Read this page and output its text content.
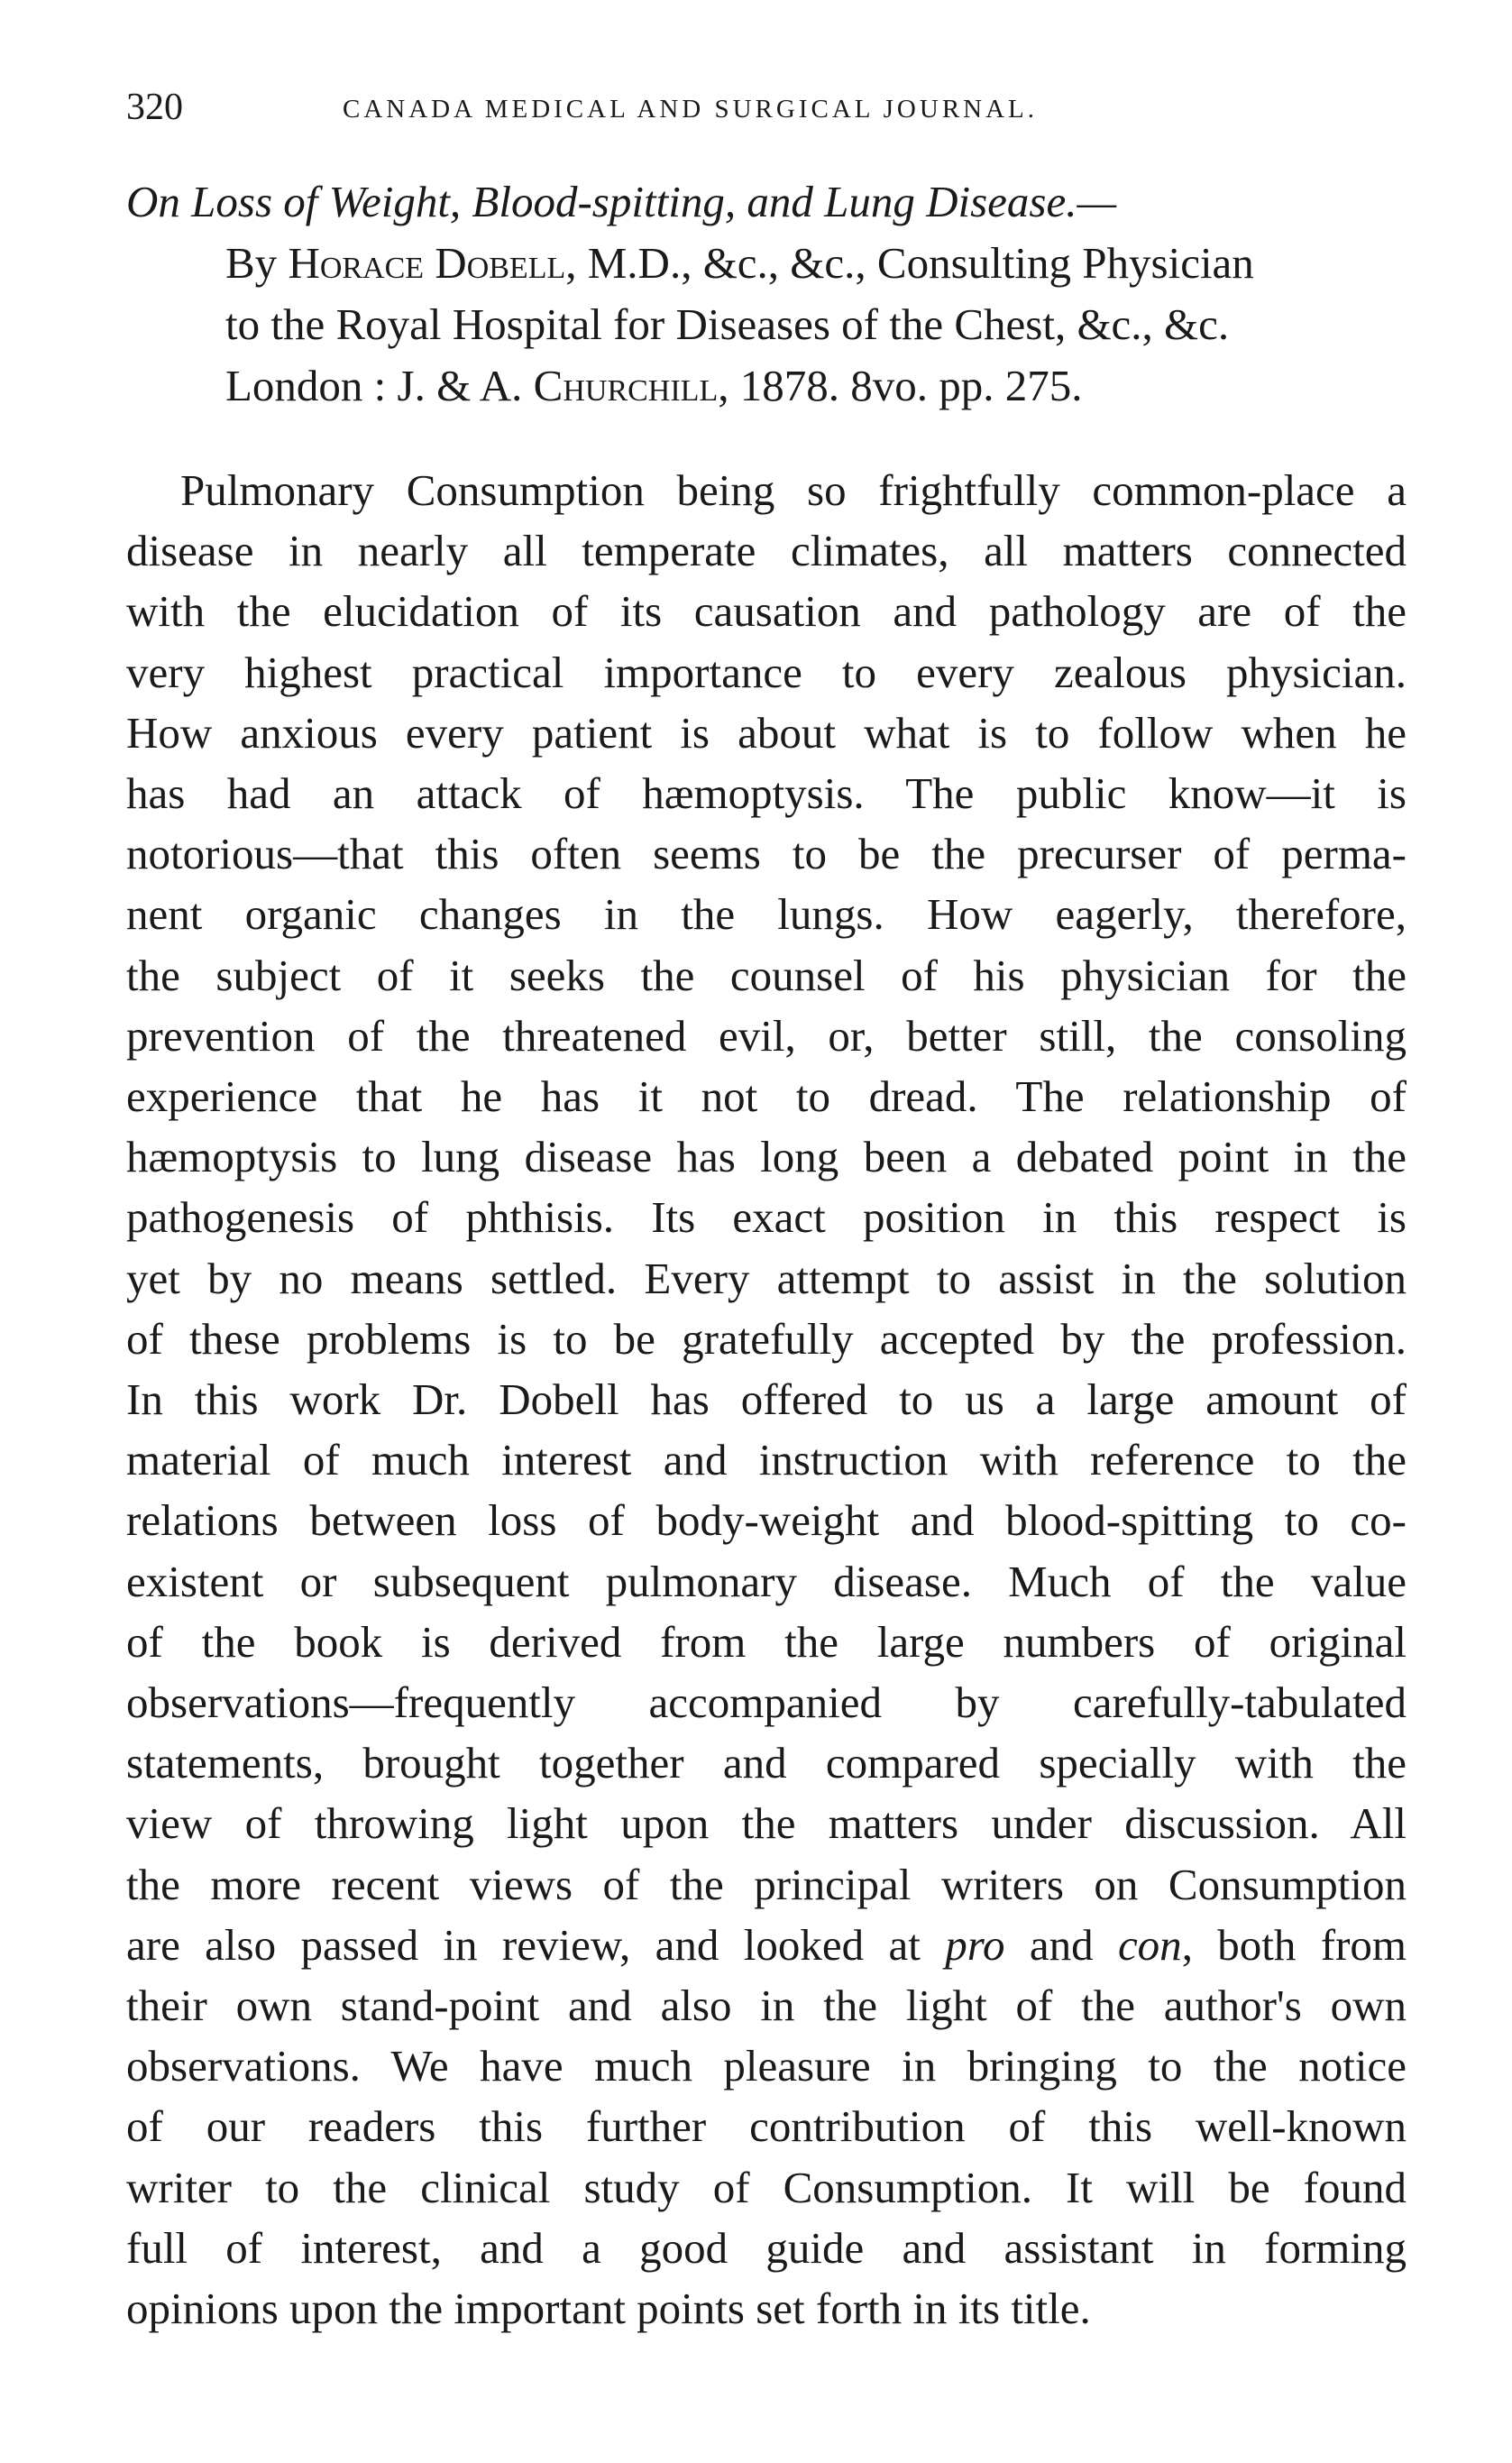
320	CANADA MEDICAL AND SURGICAL JOURNAL.
On Loss of Weight, Blood-spitting, and Lung Disease.—
By Horace Dobell, M.D., &c., &c., Consulting Physician
to the Royal Hospital for Diseases of the Chest, &c., &c.
London : J. & A. Churchill, 1878. 8vo. pp. 275.
Pulmonary Consumption being so frightfully common-place a
disease in nearly all temperate climates, all matters connected
with the elucidation of its causation and pathology are of the
very highest practical importance to every zealous physician.
How anxious every patient is about what is to follow when he
has had an attack of hæmoptysis. The public know—it is
notorious—that this often seems to be the precurser of perma-
nent organic changes in the lungs. How eagerly, therefore,
the subject of it seeks the counsel of his physician for the
prevention of the threatened evil, or, better still, the consoling
experience that he has it not to dread. The relationship of
hæmoptysis to lung disease has long been a debated point in the
pathogenesis of phthisis. Its exact position in this respect is
yet by no means settled. Every attempt to assist in the solution
of these problems is to be gratefully accepted by the profession.
In this work Dr. Dobell has offered to us a large amount of
material of much interest and instruction with reference to the
relations between loss of body-weight and blood-spitting to co-
existent or subsequent pulmonary disease. Much of the value
of the book is derived from the large numbers of original
observations—frequently accompanied by carefully-tabulated
statements, brought together and compared specially with the
view of throwing light upon the matters under discussion. All
the more recent views of the principal writers on Consumption
are also passed in review, and looked at pro and con, both from
their own stand-point and also in the light of the author's own
observations. We have much pleasure in bringing to the notice
of our readers this further contribution of this well-known
writer to the clinical study of Consumption. It will be found
full of interest, and a good guide and assistant in forming
opinions upon the important points set forth in its title.
